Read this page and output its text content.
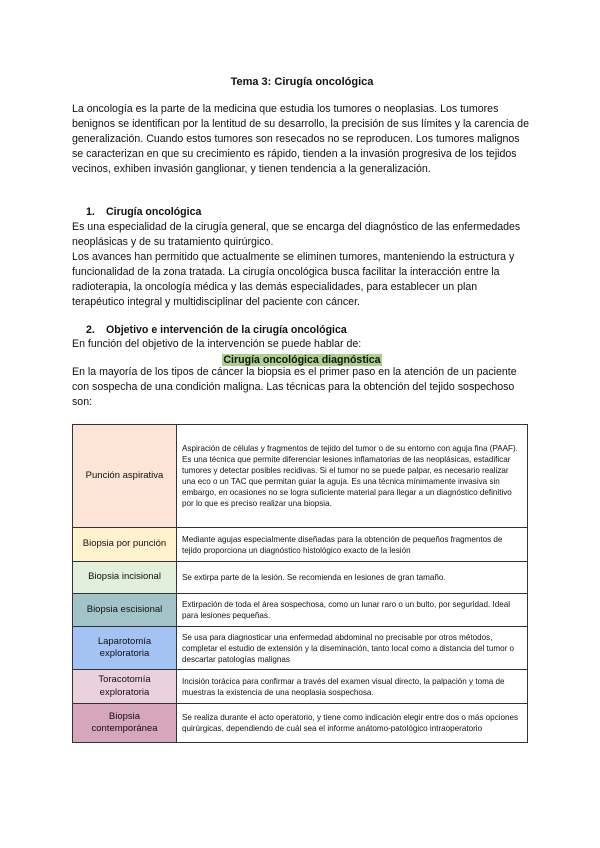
Tema 3: Cirugía oncológica

La oncología es la parte de la medicina que estudia los tumores o neoplasias. Los tumores benignos se identifican por la lentitud de su desarrollo, la precisión de sus límites y la carencia de generalización. Cuando estos tumores son resecados no se reproducen. Los tumores malignos se caracterizan en que su crecimiento es rápido, tienden a la invasión progresiva de los tejidos vecinos, exhiben invasión ganglionar, y tienen tendencia a la generalización.

1. Cirugía oncológica
Es una especialidad de la cirugía general, que se encarga del diagnóstico de las enfermedades neoplásicas y de su tratamiento quirúrgico.
Los avances han permitido que actualmente se eliminen tumores, manteniendo la estructura y funcionalidad de la zona tratada. La cirugía oncológica busca facilitar la interacción entre la radioterapia, la oncología médica y las demás especialidades, para establecer un plan terapéutico integral y multidisciplinar del paciente con cáncer.
2. Objetivo e intervención de la cirugía oncológica
En función del objetivo de la intervención se puede hablar de:
Cirugía oncológica diagnóstica
En la mayoría de los tipos de cáncer la biopsia es el primer paso en la atención de un paciente con sospecha de una condición maligna. Las técnicas para la obtención del tejido sospechoso son:
Punción aspirativa	Aspiración de células y fragmentos de tejido del tumor o de su entorno con aguja fina (PAAF). Es una técnica que permite diferenciar lesiones inflamatorias de las neoplásicas, estadificar tumores y detectar posibles recidivas. Si el tumor no se puede palpar, es necesario realizar una eco o un TAC que permitan guiar la aguja. Es una técnica mínimamente invasiva sin embargo, en ocasiones no se logra suficiente material para llegar a un diagnóstico definitivo por lo que es preciso realizar una biopsia.
Biopsia por punción	Mediante agujas especialmente diseñadas para la obtención de pequeños fragmentos de tejido proporciona un diagnóstico histológico exacto de la lesión
Biopsia incisional	Se extirpa parte de la lesión. Se recomienda en lesiones de gran tamaño.
Biopsia escisional	Extirpación de toda el área sospechosa, como un lunar raro o un bulto, por seguridad. Ideal para lesiones pequeñas.
Laparotomía exploratoria	Se usa para diagnosticar una enfermedad abdominal no precisable por otros métodos, completar el estudio de extensión y la diseminación, tanto local como a distancia del tumor o descartar patologías malignas
Toracotomía exploratoria	Incisión torácica para confirmar a través del examen visual directo, la palpación y toma de muestras la existencia de una neoplasia sospechosa.
Biopsia contemporánea	Se realiza durante el acto operatorio, y tiene como indicación elegir entre dos o más opciones quirúrgicas, dependiendo de cuál sea el informe anátomo-patológico intraoperatorio
